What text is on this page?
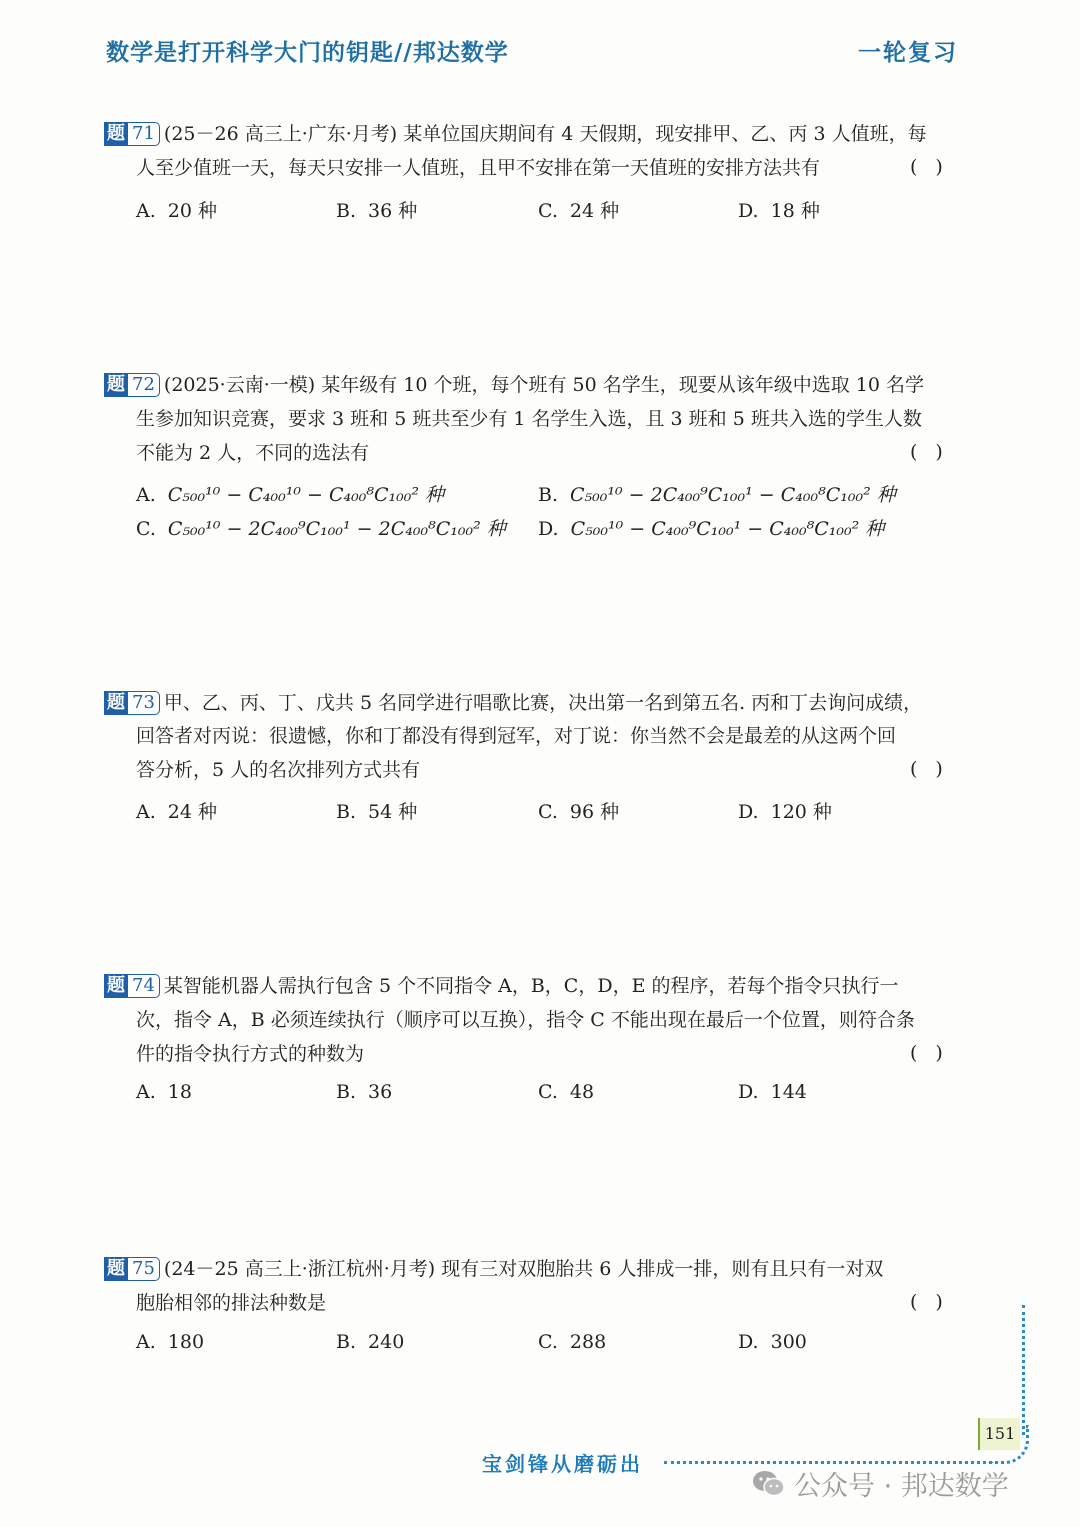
数学是打开科学大门的钥匙//邦达数学	一轮复习
题 71 (25－26 高三上·广东·月考) 某单位国庆期间有 4 天假期，现安排甲、乙、丙 3 人值班，每
人至少值班一天，每天只安排一人值班，且甲不安排在第一天值班的安排方法共有	()
A. 20 种	B. 36 种	C. 24 种	D. 18 种
题 72 (2025·云南·一模) 某年级有 10 个班，每个班有 50 名学生，现要从该年级中选取 10 名学
生参加知识竞赛，要求 3 班和 5 班共至少有 1 名学生入选，且 3 班和 5 班共入选的学生人数
不能为 2 人，不同的选法有	()
A. C₅₀₀¹⁰ − C₄₀₀¹⁰ − C₄₀₀⁸C₁₀₀² 种	B. C₅₀₀¹⁰ − 2C₄₀₀⁹C₁₀₀¹ − C₄₀₀⁸C₁₀₀² 种
C. C₅₀₀¹⁰ − 2C₄₀₀⁹C₁₀₀¹ − 2C₄₀₀⁸C₁₀₀² 种 D. C₅₀₀¹⁰ − C₄₀₀⁹C₁₀₀¹ − C₄₀₀⁸C₁₀₀² 种
题 73 甲、乙、丙、丁、戊共 5 名同学进行唱歌比赛，决出第一名到第五名. 丙和丁去询问成绩，
回答者对丙说：很遗憾，你和丁都没有得到冠军，对丁说：你当然不会是最差的从这两个回
答分析，5 人的名次排列方式共有	()
A. 24 种	B. 54 种	C. 96 种	D. 120 种
题 74 某智能机器人需执行包含 5 个不同指令 A，B，C，D，E 的程序，若每个指令只执行一
次，指令 A，B 必须连续执行（顺序可以互换），指令 C 不能出现在最后一个位置，则符合条
件的指令执行方式的种数为	()
A. 18	B. 36	C. 48	D. 144
题 75 (24－25 高三上·浙江杭州·月考) 现有三对双胞胎共 6 人排成一排，则有且只有一对双
胞胎相邻的排法种数是	()
A. 180	B. 240	C. 288	D. 300
151
宝剑锋从磨砺出
公众号 · 邦达数学
